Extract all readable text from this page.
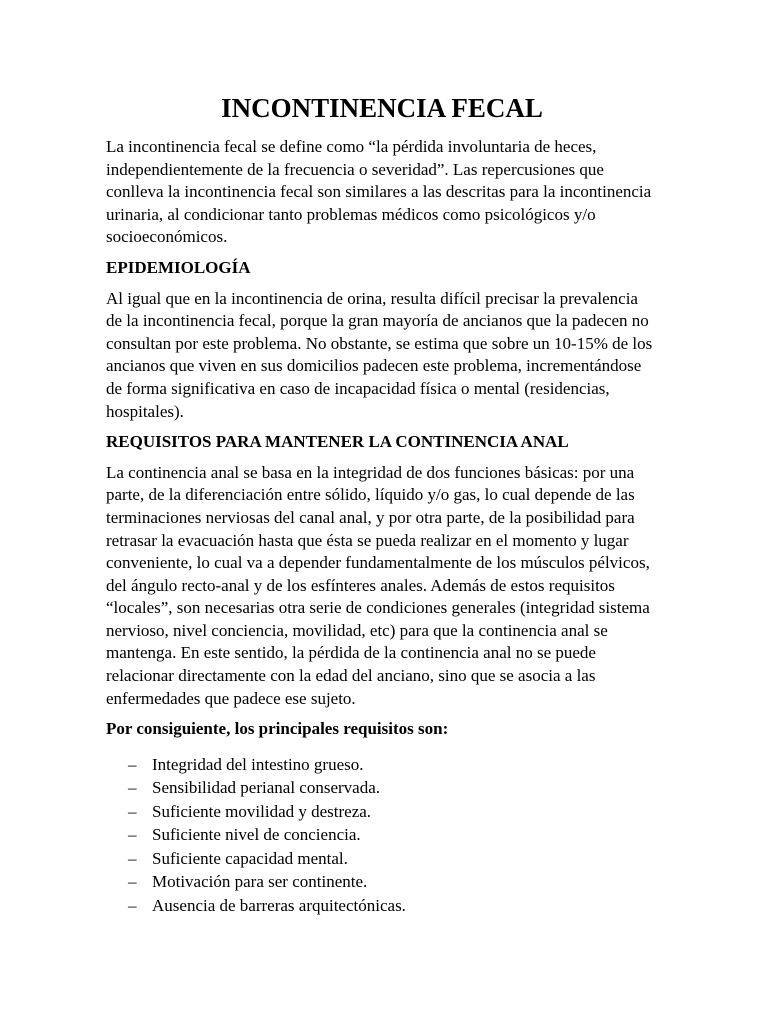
INCONTINENCIA FECAL

La incontinencia fecal se define como “la pérdida involuntaria de heces, independientemente de la frecuencia o severidad”. Las repercusiones que conlleva la incontinencia fecal son similares a las descritas para la incontinencia urinaria, al condicionar tanto problemas médicos como psicológicos y/o socioeconómicos.

EPIDEMIOLOGÍA

Al igual que en la incontinencia de orina, resulta difícil precisar la prevalencia de la incontinencia fecal, porque la gran mayoría de ancianos que la padecen no consultan por este problema. No obstante, se estima que sobre un 10-15% de los ancianos que viven en sus domicilios padecen este problema, incrementándose de forma significativa en caso de incapacidad física o mental (residencias, hospitales).

REQUISITOS PARA MANTENER LA CONTINENCIA ANAL

La continencia anal se basa en la integridad de dos funciones básicas: por una parte, de la diferenciación entre sólido, líquido y/o gas, lo cual depende de las terminaciones nerviosas del canal anal, y por otra parte, de la posibilidad para retrasar la evacuación hasta que ésta se pueda realizar en el momento y lugar conveniente, lo cual va a depender fundamentalmente de los músculos pélvicos, del ángulo recto-anal y de los esfínteres anales. Además de estos requisitos “locales”, son necesarias otra serie de condiciones generales (integridad sistema nervioso, nivel conciencia, movilidad, etc) para que la continencia anal se mantenga. En este sentido, la pérdida de la continencia anal no se puede relacionar directamente con la edad del anciano, sino que se asocia a las enfermedades que padece ese sujeto.

Por consiguiente, los principales requisitos son:

– Integridad del intestino grueso.
– Sensibilidad perianal conservada.
– Suficiente movilidad y destreza.
– Suficiente nivel de conciencia.
– Suficiente capacidad mental.
– Motivación para ser continente.
– Ausencia de barreras arquitectónicas.
